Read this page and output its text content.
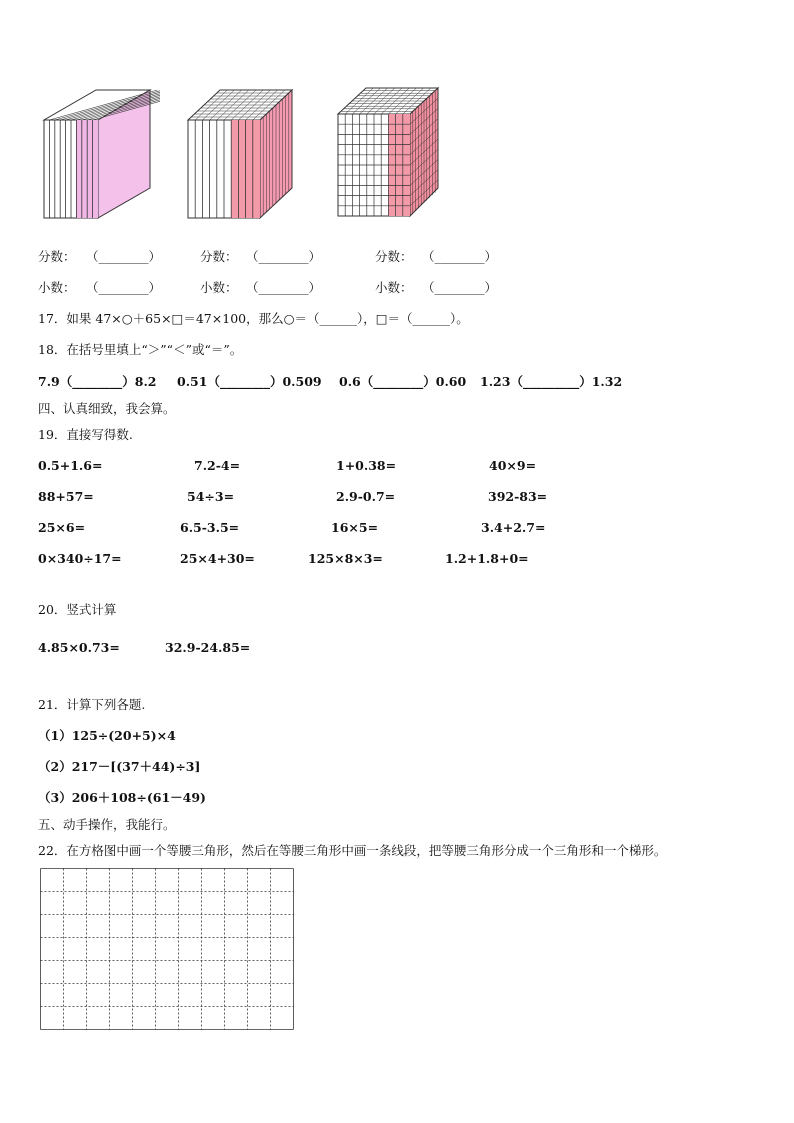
分数： （________）	分数： （________）	分数： （________）
小数： （________）	小数： （________）	小数： （________）
17．如果 47×○＋65×□＝47×100，那么○＝（______），□＝（______）。
18．在括号里填上“＞”“＜”或“＝”。
7.9（________）8.2 0.51（________）0.509 0.6（________）0.60 1.23（_________）1.32
四、认真细致，我会算。
19．直接写得数.
0.5+1.6=	7.2-4=	1+0.38=	40×9=
88+57=	54÷3=	2.9-0.7=	392-83=
25×6=	6.5-3.5=	16×5=	3.4+2.7=
0×340÷17=	25×4+30=	125×8×3=	1.2+1.8+0=
20．竖式计算
4.85×0.73=	32.9-24.85=
21．计算下列各题.
（1）125÷(20+5)×4
（2）217－[(37＋44)÷3]
（3）206＋108÷(61－49)
五、动手操作，我能行。
22．在方格图中画一个等腰三角形，然后在等腰三角形中画一条线段，把等腰三角形分成一个三角形和一个梯形。
